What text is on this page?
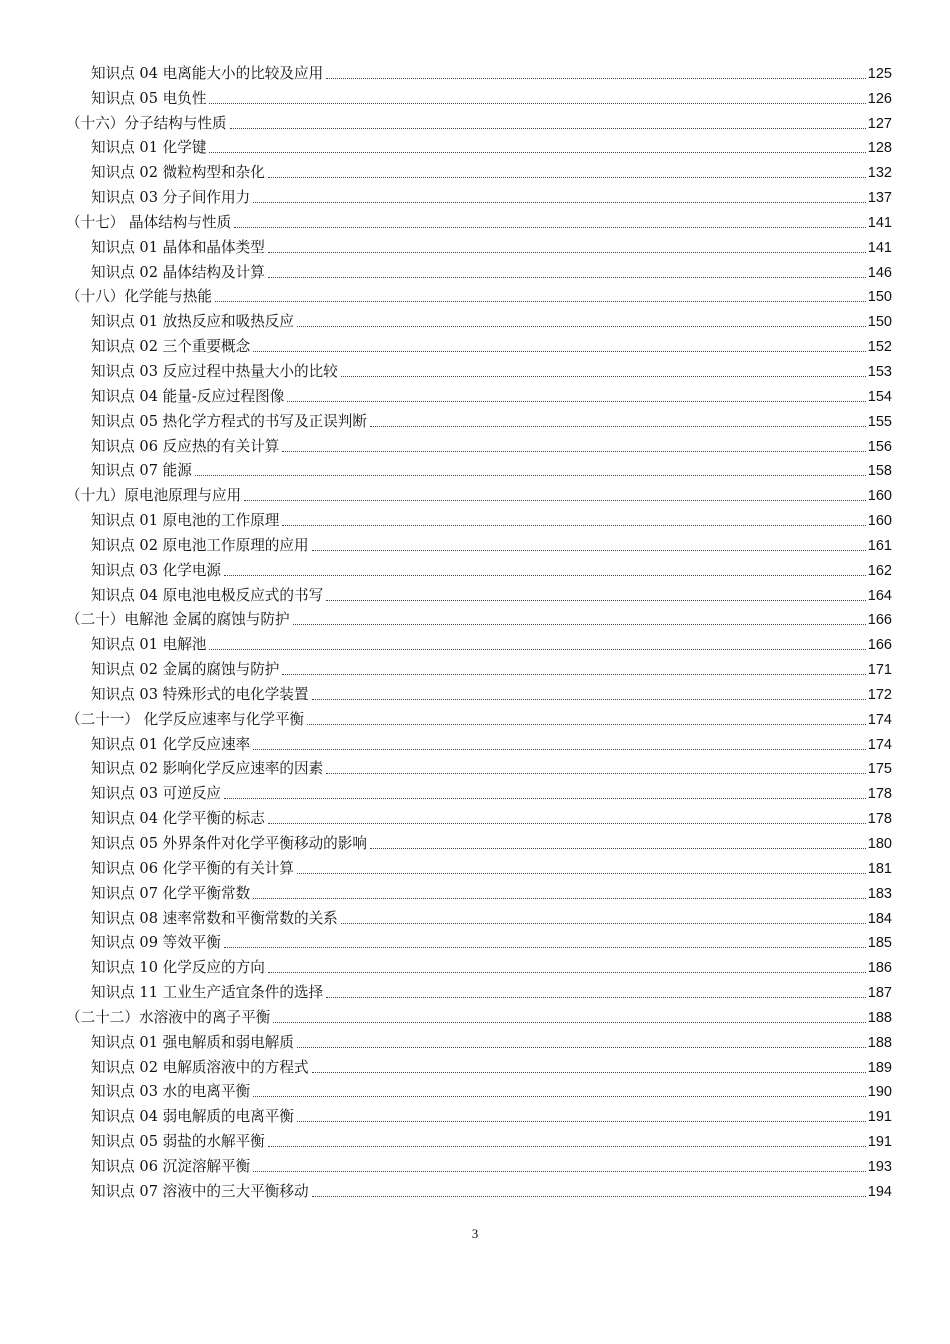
知识点 04 电离能大小的比较及应用	125
知识点 05 电负性	126
（十六）分子结构与性质	127
知识点 01 化学键	128
知识点 02 微粒构型和杂化	132
知识点 03 分子间作用力	137
（十七） 晶体结构与性质	141
知识点 01 晶体和晶体类型	141
知识点 02 晶体结构及计算	146
（十八）化学能与热能	150
知识点 01 放热反应和吸热反应	150
知识点 02 三个重要概念	152
知识点 03 反应过程中热量大小的比较	153
知识点 04 能量-反应过程图像	154
知识点 05 热化学方程式的书写及正误判断	155
知识点 06 反应热的有关计算	156
知识点 07 能源	158
（十九）原电池原理与应用	160
知识点 01 原电池的工作原理	160
知识点 02 原电池工作原理的应用	161
知识点 03 化学电源	162
知识点 04 原电池电极反应式的书写	164
（二十）电解池 金属的腐蚀与防护	166
知识点 01 电解池	166
知识点 02 金属的腐蚀与防护	171
知识点 03 特殊形式的电化学装置	172
（二十一） 化学反应速率与化学平衡	174
知识点 01 化学反应速率	174
知识点 02 影响化学反应速率的因素	175
知识点 03 可逆反应	178
知识点 04 化学平衡的标志	178
知识点 05 外界条件对化学平衡移动的影响	180
知识点 06 化学平衡的有关计算	181
知识点 07 化学平衡常数	183
知识点 08 速率常数和平衡常数的关系	184
知识点 09 等效平衡	185
知识点 10 化学反应的方向	186
知识点 11 工业生产适宜条件的选择	187
（二十二）水溶液中的离子平衡	188
知识点 01 强电解质和弱电解质	188
知识点 02 电解质溶液中的方程式	189
知识点 03 水的电离平衡	190
知识点 04 弱电解质的电离平衡	191
知识点 05 弱盐的水解平衡	191
知识点 06 沉淀溶解平衡	193
知识点 07 溶液中的三大平衡移动	194
3
